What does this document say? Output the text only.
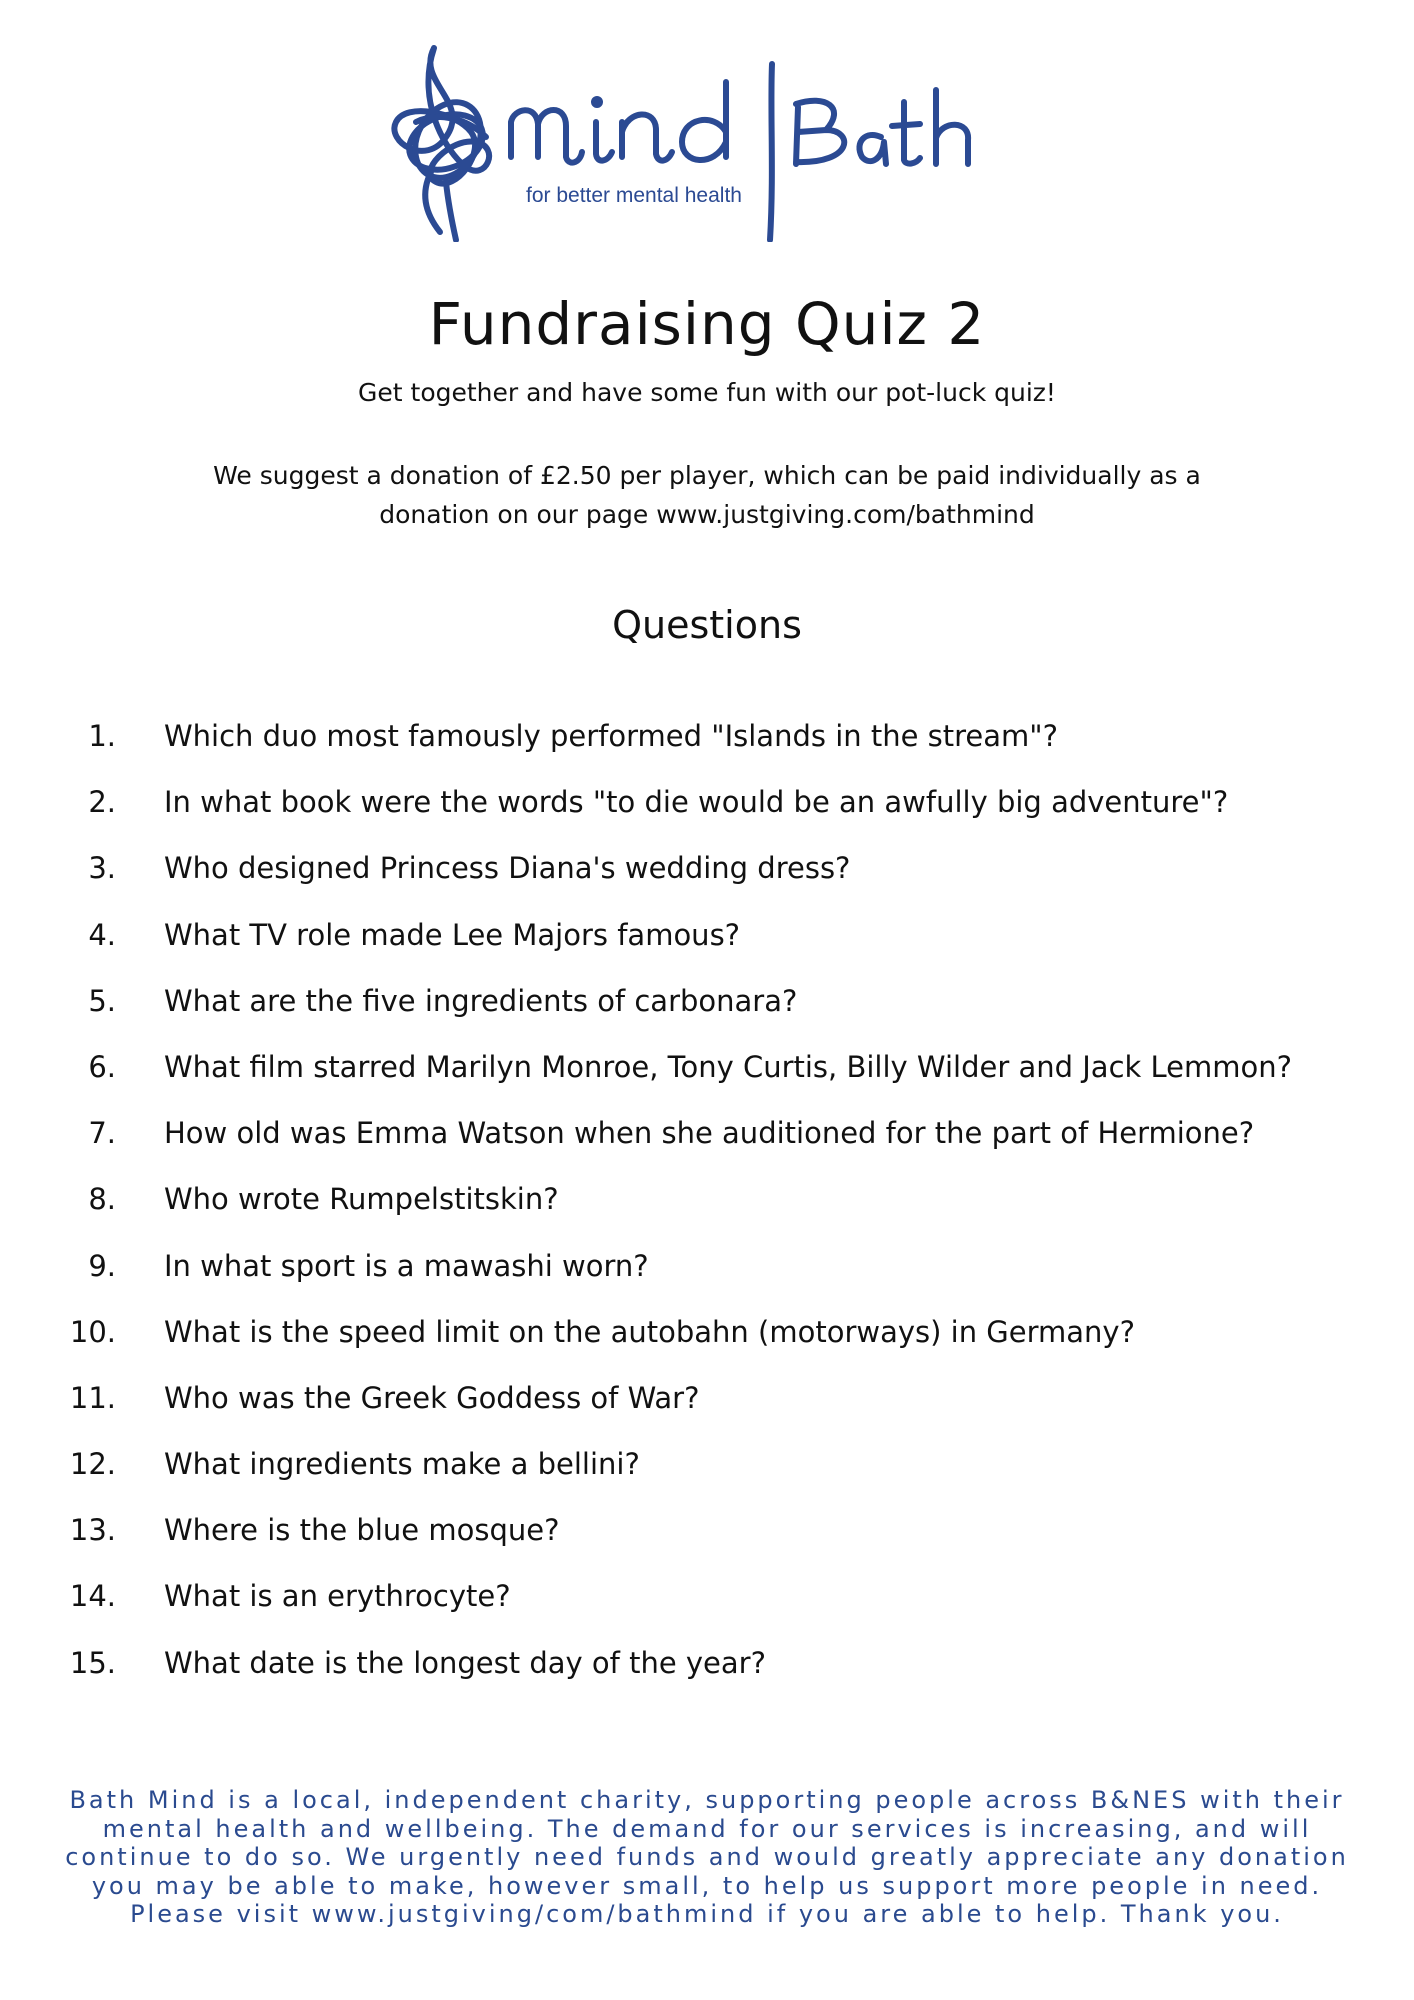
for better mental health
Fundraising Quiz 2
Get together and have some fun with our pot-luck quiz!
We suggest a donation of £2.50 per player, which can be paid individually as a donation on our page www.justgiving.com/bathmind
Questions
1. Which duo most famously performed "Islands in the stream"?
2. In what book were the words "to die would be an awfully big adventure"?
3. Who designed Princess Diana's wedding dress?
4. What TV role made Lee Majors famous?
5. What are the five ingredients of carbonara?
6. What film starred Marilyn Monroe, Tony Curtis, Billy Wilder and Jack Lemmon?
7. How old was Emma Watson when she auditioned for the part of Hermione?
8. Who wrote Rumpelstitskin?
9. In what sport is a mawashi worn?
10. What is the speed limit on the autobahn (motorways) in Germany?
11. Who was the Greek Goddess of War?
12. What ingredients make a bellini?
13. Where is the blue mosque?
14. What is an erythrocyte?
15. What date is the longest day of the year?
Bath Mind is a local, independent charity, supporting people across B&NES with their mental health and wellbeing. The demand for our services is increasing, and will continue to do so. We urgently need funds and would greatly appreciate any donation you may be able to make, however small, to help us support more people in need. Please visit www.justgiving/com/bathmind if you are able to help. Thank you.
